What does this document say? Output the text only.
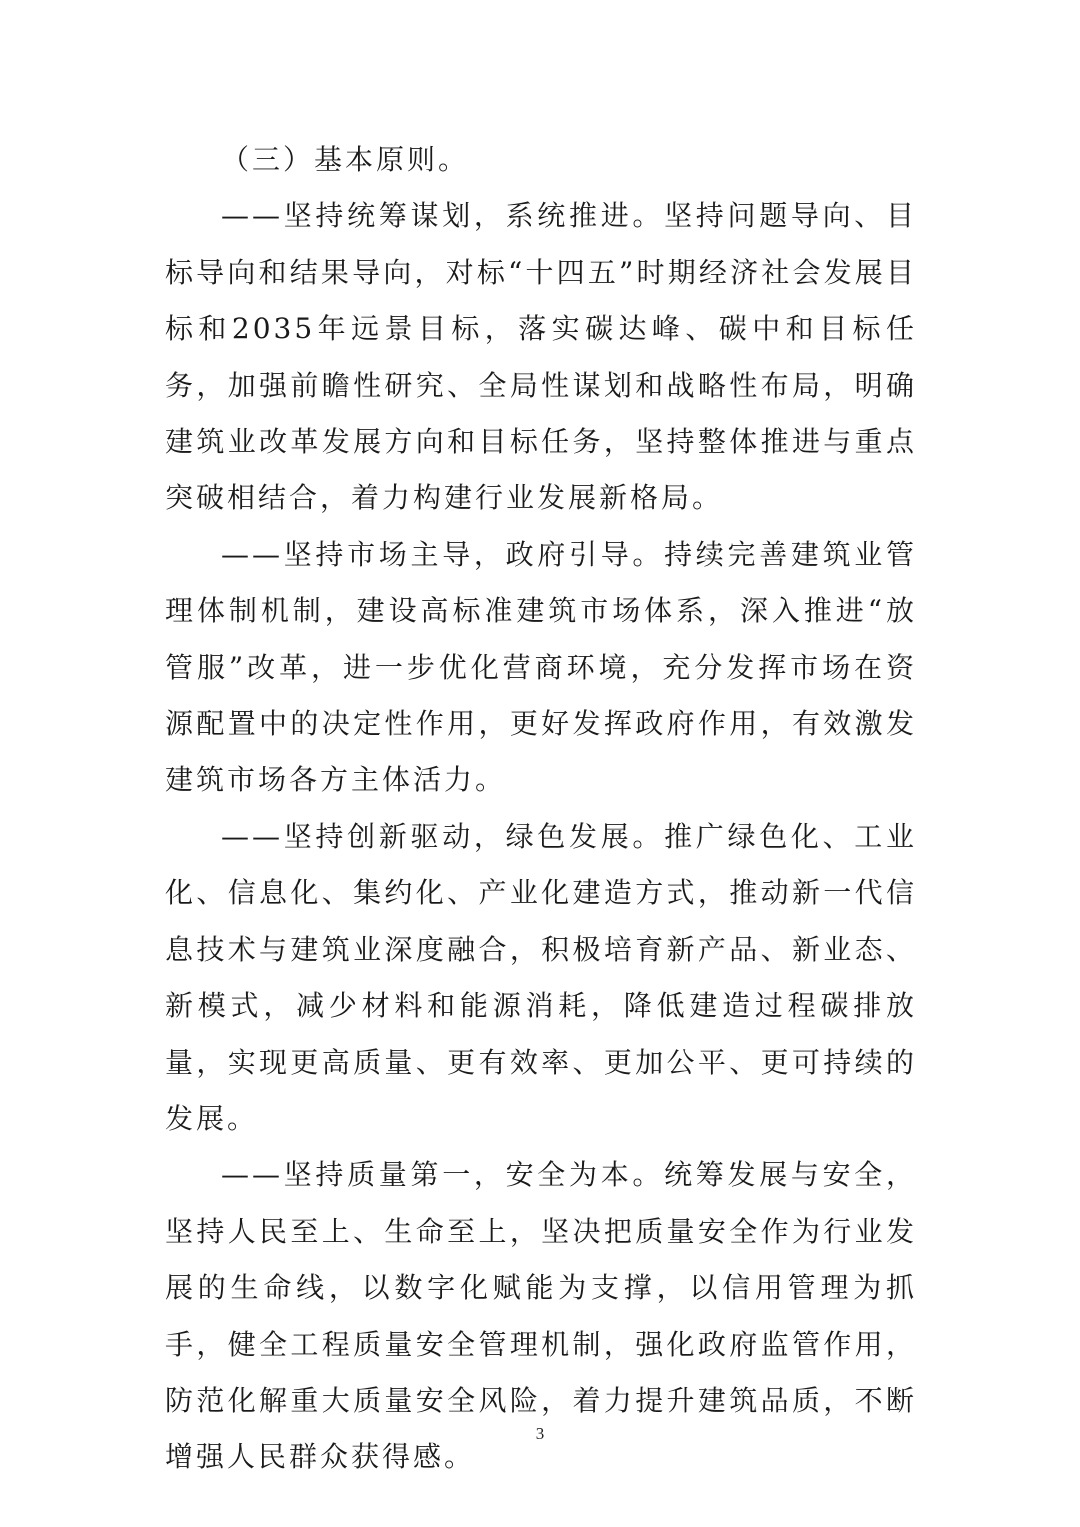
（三）基本原则。

——坚持统筹谋划，系统推进。坚持问题导向、目标导向和结果导向，对标“十四五”时期经济社会发展目标和2035年远景目标，落实碳达峰、碳中和目标任务，加强前瞻性研究、全局性谋划和战略性布局，明确建筑业改革发展方向和目标任务，坚持整体推进与重点突破相结合，着力构建行业发展新格局。

——坚持市场主导，政府引导。持续完善建筑业管理体制机制，建设高标准建筑市场体系，深入推进“放管服”改革，进一步优化营商环境，充分发挥市场在资源配置中的决定性作用，更好发挥政府作用，有效激发建筑市场各方主体活力。

——坚持创新驱动，绿色发展。推广绿色化、工业化、信息化、集约化、产业化建造方式，推动新一代信息技术与建筑业深度融合，积极培育新产品、新业态、新模式，减少材料和能源消耗，降低建造过程碳排放量，实现更高质量、更有效率、更加公平、更可持续的发展。

——坚持质量第一，安全为本。统筹发展与安全，坚持人民至上、生命至上，坚决把质量安全作为行业发展的生命线，以数字化赋能为支撑，以信用管理为抓手，健全工程质量安全管理机制，强化政府监管作用，防范化解重大质量安全风险，着力提升建筑品质，不断增强人民群众获得感。

3
